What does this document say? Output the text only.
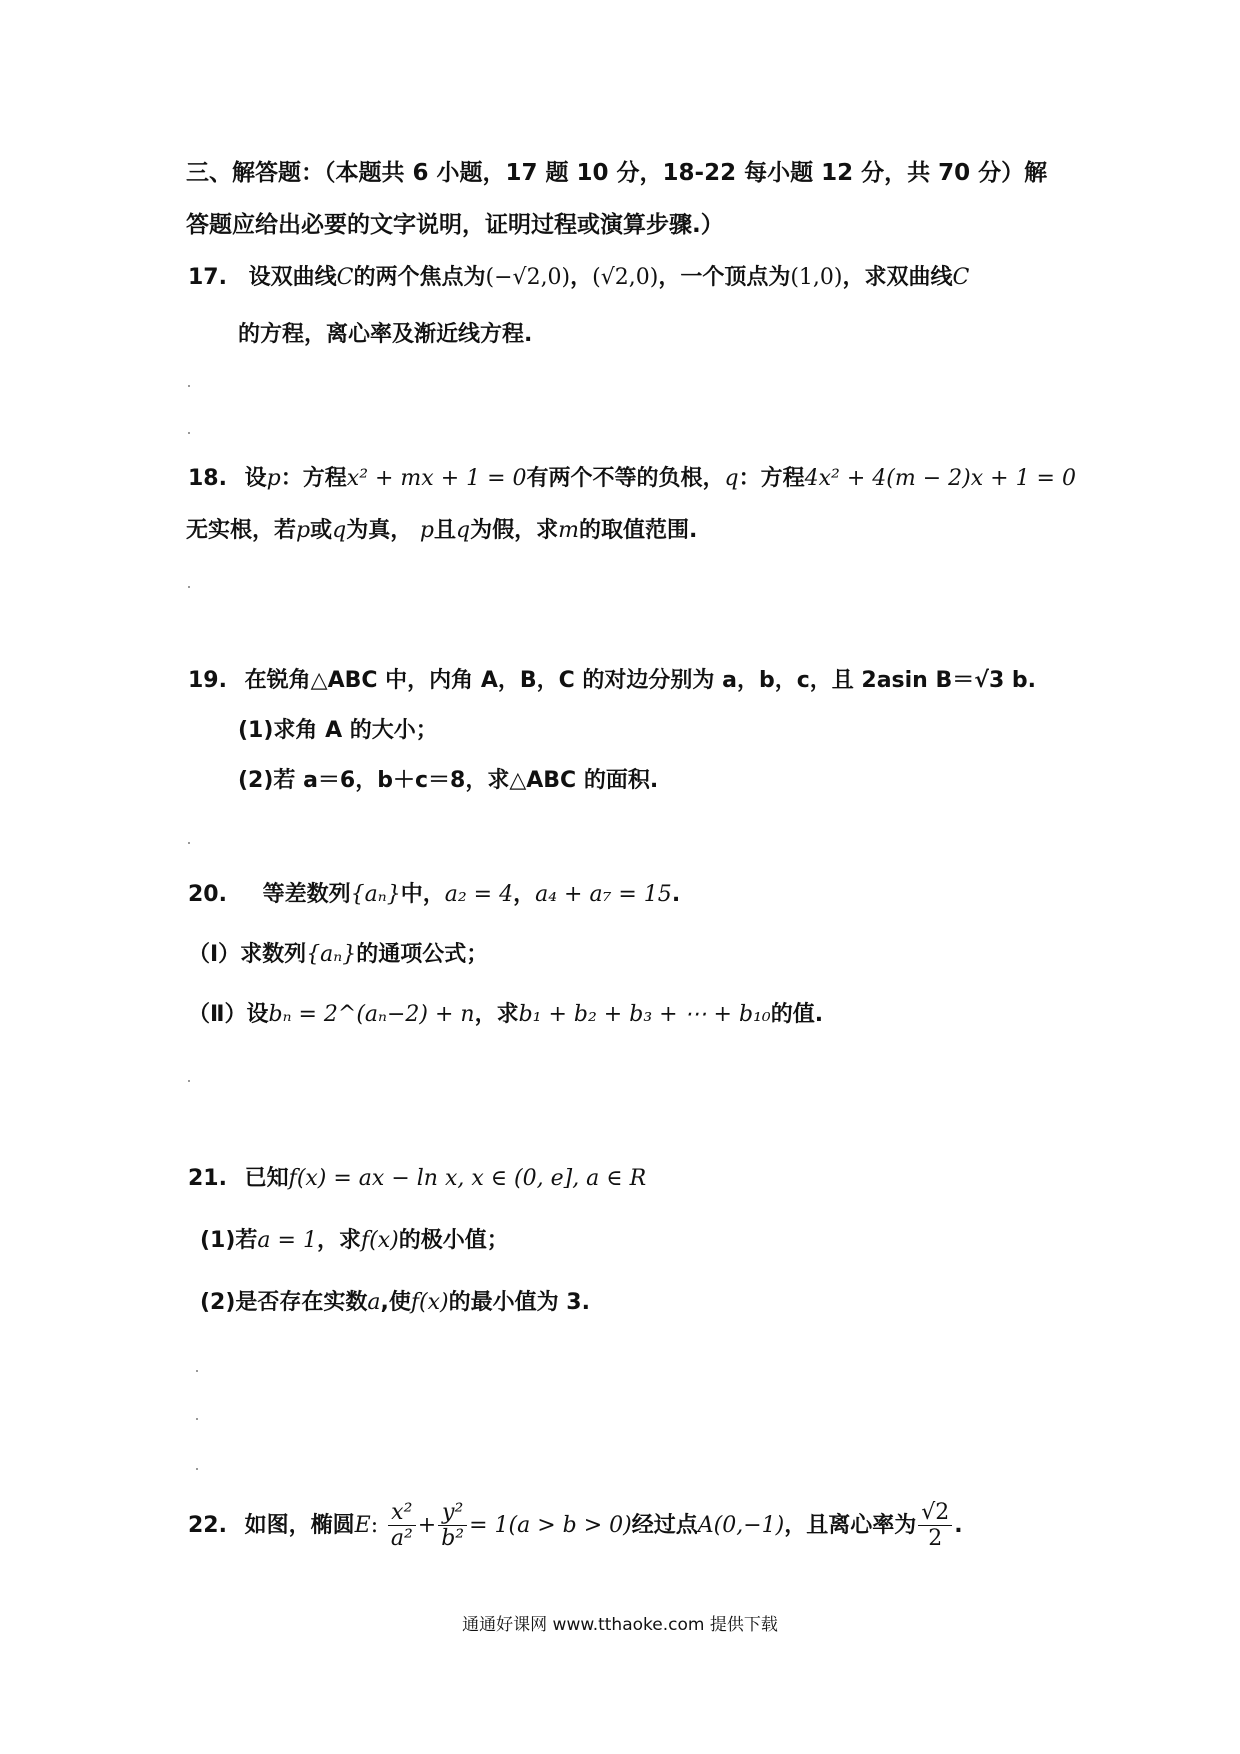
三、解答题：（本题共 6 小题，17 题 10 分，18-22 每小题 12 分，共 70 分）解
答题应给出必要的文字说明，证明过程或演算步骤.）
17. 设双曲线C的两个焦点为(−√2,0)，(√2,0)，一个顶点为(1,0)，求双曲线C
的方程，离心率及渐近线方程.
18. 设p：方程x² + mx + 1 = 0有两个不等的负根，q：方程4x² + 4(m − 2)x + 1 = 0
无实根，若p或q为真， p且q为假，求m的取值范围.
19. 在锐角△ABC 中，内角 A，B，C 的对边分别为 a，b，c，且 2asin B＝√3 b.
(1)求角 A 的大小；
(2)若 a＝6，b＋c＝8，求△ABC 的面积.
20. 等差数列{aₙ}中，a₂ = 4，a₄ + a₇ = 15.
（Ⅰ）求数列{aₙ}的通项公式；
（Ⅱ）设bₙ = 2^(aₙ−2) + n，求b₁ + b₂ + b₃ + ⋯ + b₁₀的值.
21. 已知f(x) = ax − ln x, x ∈ (0, e], a ∈ R
(1)若a = 1，求f(x)的极小值；
(2)是否存在实数a,使f(x)的最小值为 3.
22. 如图，椭圆E: $\frac{\text{x²}}{\text{a²}} + \frac{\text{y²}}{\text{b²}} = 1(a > b > 0)$经过点A(0,−1)，且离心率为 $\frac{√2}{2}$ .
通通好课网 www.tthaoke.com 提供下载
